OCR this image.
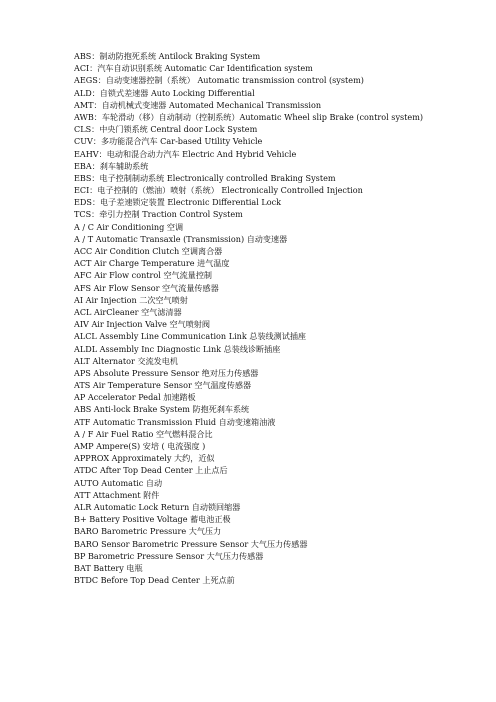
ABS：制动防抱死系统 Antilock Braking System
ACI：汽车自动识别系统 Automatic Car Identification system
AEGS：自动变速器控制（系统） Automatic transmission control (system)
ALD：自锁式差速器 Auto Locking Differential
AMT：自动机械式变速器 Automated Mechanical Transmission
AWB：车轮滑动（移）自动制动（控制系统）Automatic Wheel slip Brake (control system)
CLS：中央门锁系统 Central door Lock System
CUV：多功能混合汽车 Car-based Utility Vehicle
EAHV：电动和混合动力汽车 Electric And Hybrid Vehicle
EBA：刹车辅助系统
EBS：电子控制制动系统 Electronically controlled Braking System
ECI：电子控制的（燃油）喷射（系统） Electronically Controlled Injection
EDS：电子差速锁定装置 Electronic Differential Lock
TCS：牵引力控制 Traction Control System
A / C Air Conditioning 空调
A / T Automatic Transaxle (Transmission) 自动变速器
ACC Air Condition Clutch 空调离合器
ACT Air Charge Temperature 进气温度
AFC Air Flow control 空气流量控制
AFS Air Flow Sensor 空气流量传感器
AI Air Injection 二次空气喷射
ACL AirCleaner 空气滤清器
AIV Air Injection Valve 空气喷射阀
ALCL Assembly Line Communication Link 总装线测试插座
ALDL Assembly Inc Diagnostic Link 总装线诊断插座
ALT Alternator 交流发电机
APS Absolute Pressure Sensor 绝对压力传感器
ATS Air Temperature Sensor 空气温度传感器
AP Accelerator Pedal 加速踏板
ABS Anti-lock Brake System 防抱死刹车系统
ATF Automatic Transmission Fluid 自动变速箱油液
A / F Air Fuel Ratio 空气燃料混合比
AMP Ampere(S) 安培 ( 电流强度 )
APPROX Approximately 大约，近似
ATDC After Top Dead Center 上止点后
AUTO Automatic 自动
ATT Attachment 附件
ALR Automatic Lock Return 自动锁回缩器
B+ Battery Positive Voltage 蓄电池正极
BARO Barometric Pressure 大气压力
BARO Sensor Barometric Pressure Sensor 大气压力传感器
BP Barometric Pressure Sensor 大气压力传感器
BAT Battery 电瓶
BTDC Before Top Dead Center 上死点前
